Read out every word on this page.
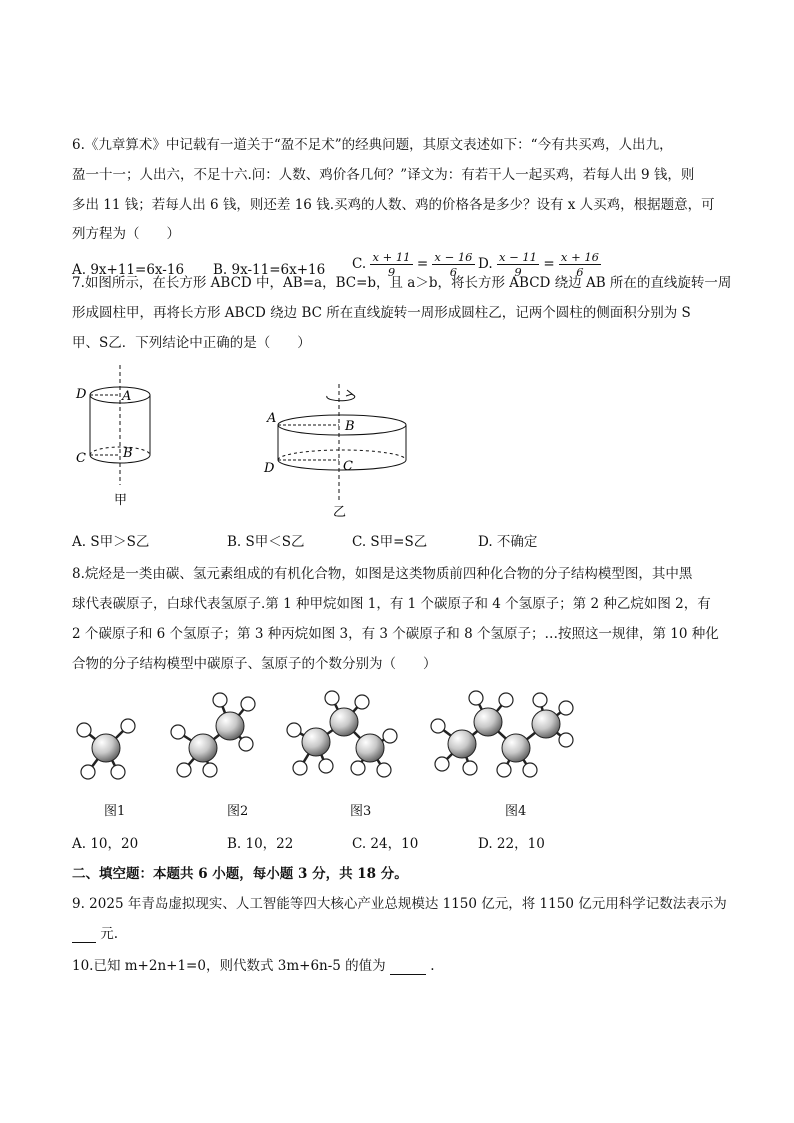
6.《九章算术》中记载有一道关于“盈不足术”的经典问题，其原文表述如下：“今有共买鸡，人出九，
盈一十一；人出六，不足十六.问：人数、鸡价各几何？”译文为：有若干人一起买鸡，若每人出 9 钱，则
多出 11 钱；若每人出 6 钱，则还差 16 钱.买鸡的人数、鸡的价格各是多少？设有 x 人买鸡，根据题意，可
列方程为（　　）
A. 9x+11=6x-16 B. 9x-11=6x+16 C. $\frac{x + 11}{9} = \frac{x - 16}{6} D$. $\frac{x - 11}{9} = \frac{x + 16}{6}$
7.如图所示，在长方形 ABCD 中，AB=a，BC=b，且 a＞b，将长方形 ABCD 绕边 AB 所在的直线旋转一周
形成圆柱甲，再将长方形 ABCD 绕边 BC 所在直线旋转一周形成圆柱乙，记两个圆柱的侧面积分别为 S
甲、S乙．下列结论中正确的是（　　）
D	A
C	B
甲
A
B
D	C
乙
A. S甲＞S乙	B. S甲＜S乙	C. S甲=S乙	D. 不确定
8.烷烃是一类由碳、氢元素组成的有机化合物，如图是这类物质前四种化合物的分子结构模型图，其中黑
球代表碳原子，白球代表氢原子.第 1 种甲烷如图 1，有 1 个碳原子和 4 个氢原子；第 2 种乙烷如图 2，有
2 个碳原子和 6 个氢原子；第 3 种丙烷如图 3，有 3 个碳原子和 8 个氢原子；…按照这一规律，第 10 种化
合物的分子结构模型中碳原子、氢原子的个数分别为（　　）
图1	图2	图3	图4
A. 10，20	B. 10，22	C. 24，10	D. 22，10
二、填空题：本题共 6 小题，每小题 3 分，共 18 分。
9. 2025 年青岛虚拟现实、人工智能等四大核心产业总规模达 1150 亿元，将 1150 亿元用科学记数法表示为
元.
10.已知 m+2n+1=0，则代数式 3m+6n-5 的值为	.
